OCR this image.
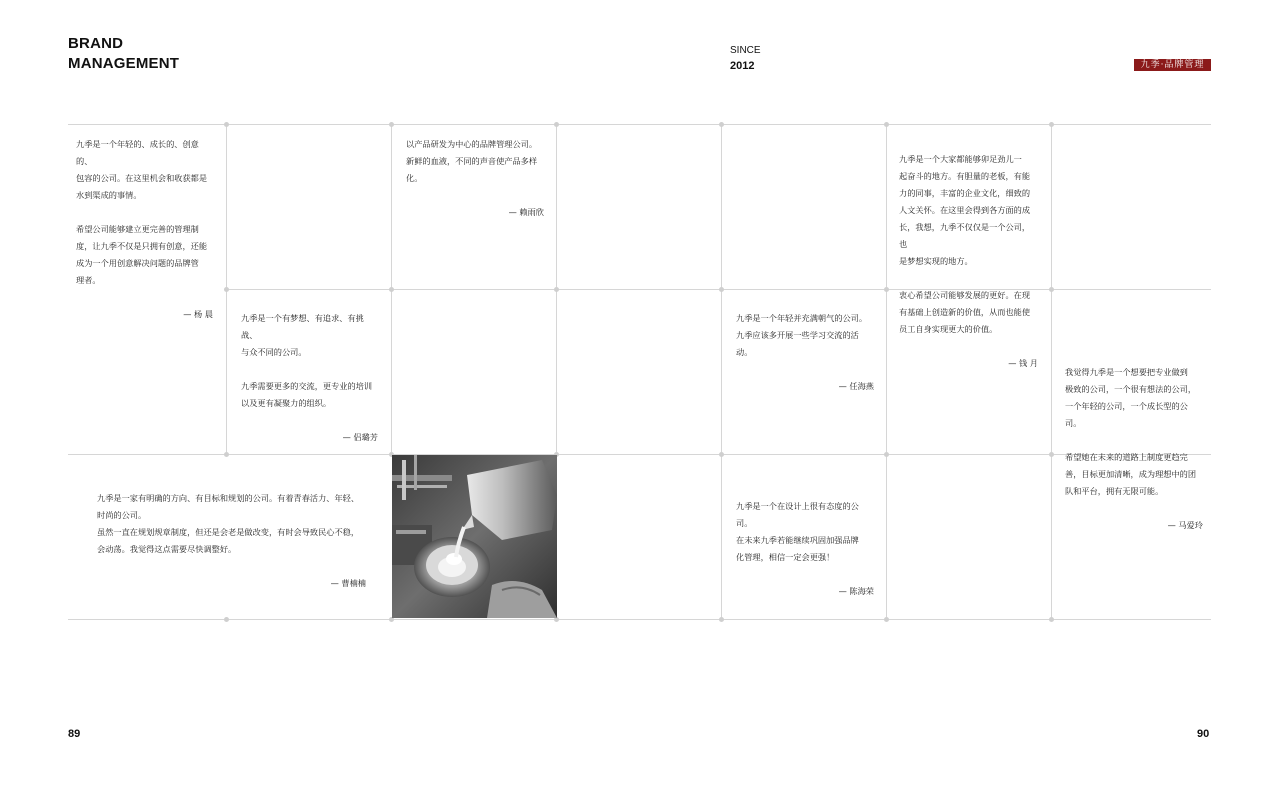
BRAND
MANAGEMENT
SINCE
2012	九季·品牌管理

九季是一个年轻的、成长的、创意的、
包容的公司。在这里机会和收获都是
水到渠成的事情。

希望公司能够建立更完善的管理制
度，让九季不仅是只拥有创意，还能
成为一个用创意解决问题的品牌管
理者。

— 杨 晨

以产品研发为中心的品牌管理公司。
新鲜的血液，不同的声音使产品多样
化。

— 赖雨欣

九季是一个大家都能够卯足劲儿一
起奋斗的地方。有胆量的老板，有能
力的同事，丰富的企业文化，细致的
人文关怀。在这里会得到各方面的成
长，我想，九季不仅仅是一个公司，也
是梦想实现的地方。

衷心希望公司能够发展的更好。在现
有基础上创造新的价值，从而也能使
员工自身实现更大的价值。

— 钱 月

九季是一个有梦想、有追求、有挑战、
与众不同的公司。

九季需要更多的交流，更专业的培训
以及更有凝聚力的组织。

— 侣璐芳

九季是一个年轻并充满朝气的公司。
九季应该多开展一些学习交流的活动。

— 任海燕

我觉得九季是一个想要把专业做到
极致的公司，一个很有想法的公司，
一个年轻的公司，一个成长型的公
司。

希望她在未来的道路上制度更趋完
善，目标更加清晰，成为理想中的团
队和平台，拥有无限可能。

— 马爱玲

九季是一家有明确的方向、有目标和规划的公司。有着青春活力、年轻、
时尚的公司。
虽然一直在规划规章制度，但还是会老是做改变，有时会导致民心不稳，
会动荡。我觉得这点需要尽快调整好。

— 曹楠楠

九季是一个在设计上很有态度的公司。
在未来九季若能继续巩固加强品牌
化管理，相信一定会更强！

— 陈海荣

89	90
